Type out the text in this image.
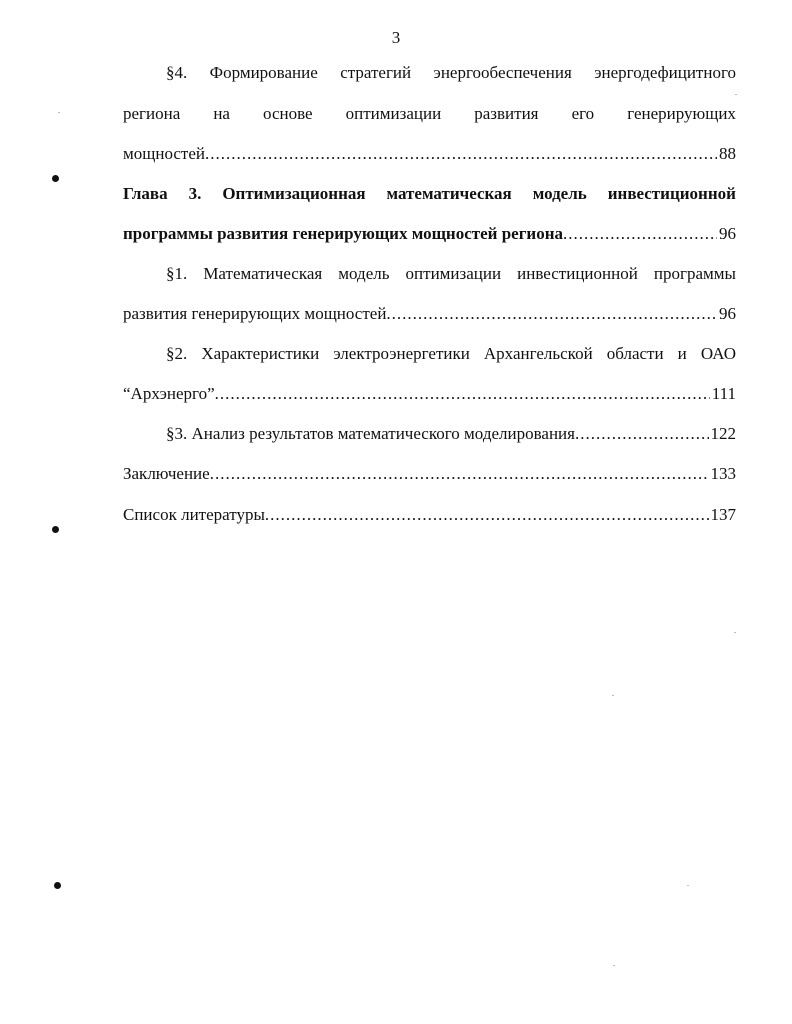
3
§4. Формирование стратегий энергообеспечения энергодефицитного
региона на основе оптимизации развития его генерирующих
мощностей .....	88
Глава 3. Оптимизационная математическая модель инвестиционной
программы развития генерирующих мощностей региона .....	96
§1. Математическая модель оптимизации инвестиционной программы
развития генерирующих мощностей .....	96
§2. Характеристики электроэнергетики Архангельской области и ОАО
“Архэнерго” .....	111
§3. Анализ результатов математического моделирования .....	122
Заключение .....	133
Список литературы .....	137
